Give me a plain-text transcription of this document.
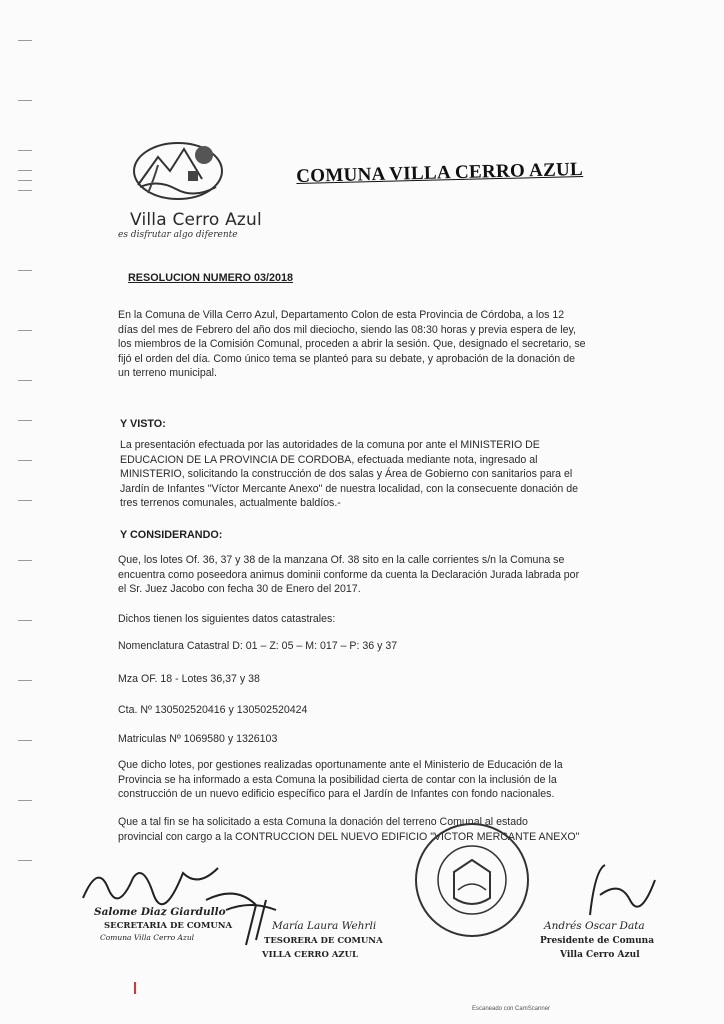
Villa Cerro Azul
es disfrutar algo diferente
COMUNA VILLA CERRO AZUL
RESOLUCION NUMERO 03/2018
En la Comuna de Villa Cerro Azul, Departamento Colon de esta Provincia de Córdoba, a los 12
días del mes de Febrero del año dos mil dieciocho, siendo las 08:30 horas y previa espera de ley,
los miembros de la Comisión Comunal, proceden a abrir la sesión. Que, designado el secretario, se
fijó el orden del día. Como único tema se planteó para su debate, y aprobación de la donación de
un terreno municipal.
Y VISTO:
La presentación efectuada por las autoridades de la comuna por ante el MINISTERIO DE
EDUCACION DE LA PROVINCIA DE CORDOBA, efectuada mediante nota, ingresado al
MINISTERIO, solicitando la construcción de dos salas y Área de Gobierno con sanitarios para el
Jardín de Infantes "Víctor Mercante Anexo" de nuestra localidad, con la consecuente donación de
tres terrenos comunales, actualmente baldíos.-
Y CONSIDERANDO:
Que, los lotes Of. 36, 37 y 38 de la manzana Of. 38 sito en la calle corrientes s/n la Comuna se
encuentra como poseedora animus dominii conforme da cuenta la Declaración Jurada labrada por
el Sr. Juez Jacobo con fecha 30 de Enero del 2017.
Dichos tienen los siguientes datos catastrales:
Nomenclatura Catastral D: 01 – Z: 05 – M: 017 – P: 36 y 37
Mza OF. 18 - Lotes 36,37 y 38
Cta. Nº 130502520416 y 130502520424
Matriculas Nº 1069580 y 1326103
Que dicho lotes, por gestiones realizadas oportunamente ante el Ministerio de Educación de la
Provincia se ha informado a esta Comuna la posibilidad cierta de contar con la inclusión de la
construcción de un nuevo edificio específico para el Jardín de Infantes con fondo nacionales.
Que a tal fin se ha solicitado a esta Comuna la donación del terreno Comunal al estado
provincial con cargo a la CONTRUCCION DEL NUEVO EDIFICIO "VICTOR MERCANTE ANEXO"
Salome Diaz Giardullo
SECRETARIA DE COMUNA
Comuna Villa Cerro Azul
María Laura Wehrli
TESORERA DE COMUNA
VILLA CERRO AZUL
Andrés Oscar Data
Presidente de Comuna
Villa Cerro Azul
Escaneado con CamScanner
